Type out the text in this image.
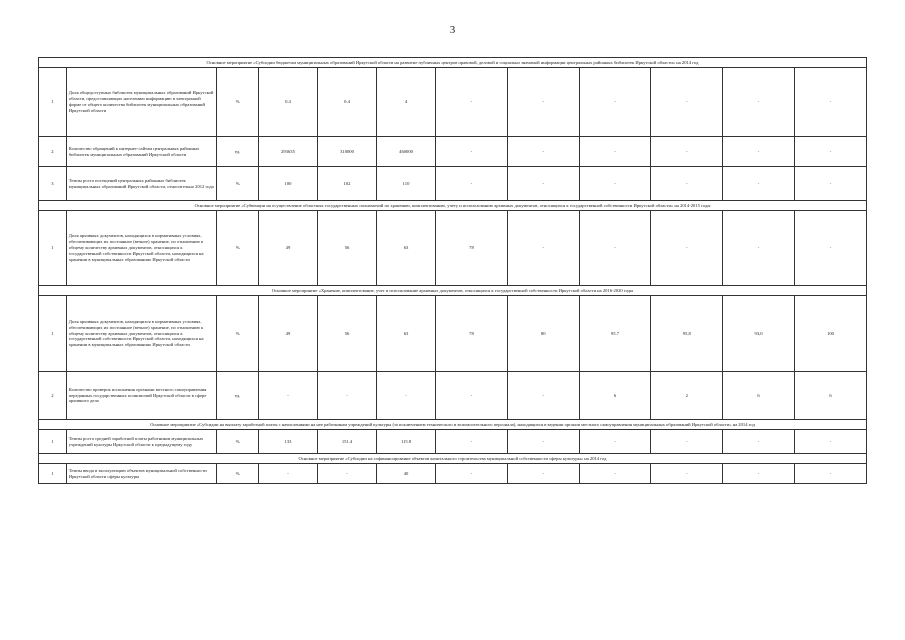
3
Основное мероприятие «Субсидии бюджетам муниципальных образований Иркутской области на развитие публичных центров правовой, деловой и социально значимой информации центральных районных библиотек Иркутской области» на 2014 год											
1	Доля общедоступных библиотек муниципальных образований Иркутской области, предоставляющих населению информацию в электронной форме от общего количества библиотек муниципальных образований Иркутской области	%	0.4	0.4	4	-	-	-	-	-	-
2	Количество обращений к интернет-сайтам центральных районных библиотек муниципальных образований Иркутской области	ед.	293635	310000	460000	-	-	-	-	-	-
3	Темпы роста посещений центральных районных библиотек муниципальных образований Иркутской области, относительно 2012 года	%	100	102	110	-	-	-	-	-	-
Основное мероприятие «Субвенции на осуществление областных государственных полномочий по хранению, комплектованию, учету и использованию архивных документов, относящихся к государственной собственности Иркутской области» на 2014-2015 годы											
1	Доля архивных документов, находящихся в нормативных условиях, обеспечивающих их постоянное (вечное) хранение, по отношению к общему количеству архивных документов, относящихся к государственной собственности Иркутской области, находящихся на хранении в муниципальных образованиях Иркутской области	%	49	56	63	78	-	-	-	-	-
Основное мероприятие «Хранение, комплектование, учет и использование архивных документов, относящихся к государственной собственности Иркутской области на 2016-2020 годы											
1	Доля архивных документов, находящихся в нормативных условиях, обеспечивающих их постоянное (вечное) хранение, по отношению к общему количеству архивных документов, относящихся к государственной собственности Иркутской области, находящихся на хранении в муниципальных образованиях Иркутской области	%	49	56	63	78	80	95.7	95,8	93,0	100
2	Количество проверок исполнения органами местного самоуправления переданных государственных полномочий Иркутской области в сфере архивного дела	ед.	-	-	-	-	-	6	2	6	6
Основное мероприятие «Субсидии на выплату заработной платы с начислениями на нее работникам учреждений культуры (за исключением технического и вспомогательного персонала), находящихся в ведении органов местного самоуправления муниципальных образований Иркутской области» на 2014 год											
1	Темпы роста средней заработной платы работников муниципальных учреждений культуры Иркутской области к предыдущему году	%	133	151.4	115.8	-	-	-	-	-	-
Основное мероприятие «Субсидии на софинансирование объектов капитального строительства муниципальной собственности сферы культуры» на 2014 год											
1	Темпы ввода в эксплуатацию объектов муниципальной собственности Иркутской области сферы культуры	%	-	-	40	-	-	-	-	-	-
